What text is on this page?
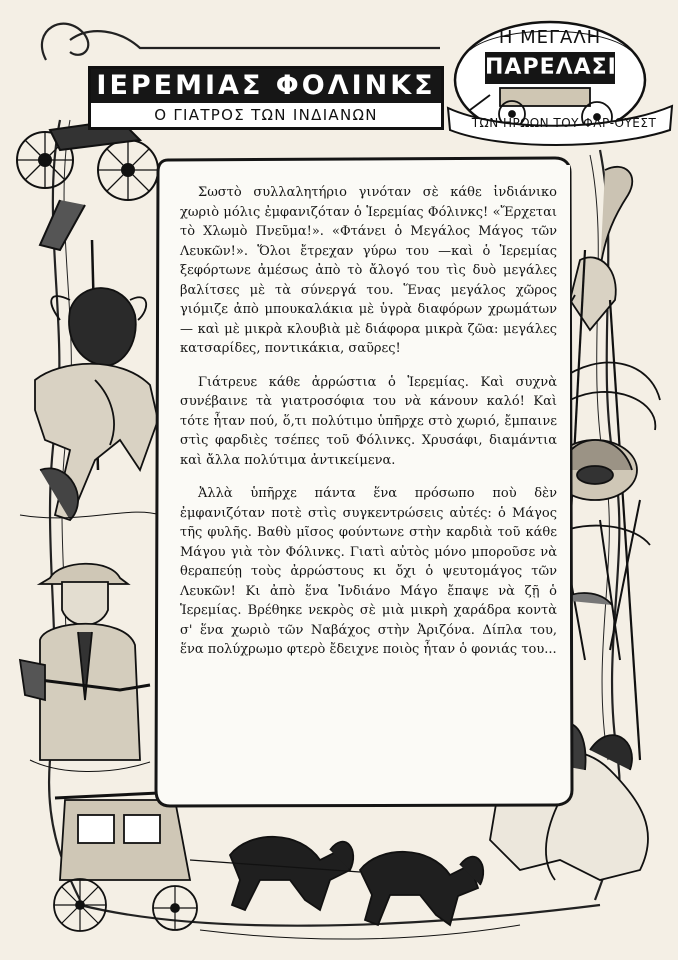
ΙΕΡΕΜΙΑΣ ΦΟΛΙΝΚΣ
Ο ΓΙΑΤΡΟΣ ΤΩΝ ΙΝΔΙΑΝΩΝ
Η ΜΕΓΑΛΗ
ΠΑΡΕΛΑΣΙ
ΤΩΝ ΗΡΩΩΝ ΤΟΥ ΦΑΡ-ΟΥΕΣΤ

Σωστὸ συλλαλητήριο γινόταν σὲ κάθε ἰνδιάνικο χωριὸ μόλις ἐμφανιζόταν ὁ Ἱερεμίας Φόλινκς! «Ἔρχεται τὸ Χλωμὸ Πνεῦμα!». «Φτάνει ὁ Μεγάλος Μάγος τῶν Λευκῶν!». Ὅλοι ἔτρεχαν γύρω του —καὶ ὁ Ἱερεμίας ξεφόρτωνε ἀμέσως ἀπὸ τὸ ἄλογό του τὶς δυὸ μεγάλες βαλίτσες μὲ τὰ σύνεργά του. Ἕνας μεγάλος χῶρος γιόμιζε ἀπὸ μπουκαλάκια μὲ ὑγρὰ διαφόρων χρωμάτων — καὶ μὲ μικρὰ κλουβιὰ μὲ διάφορα μικρὰ ζῶα: μεγάλες κατσαρίδες, ποντικάκια, σαῦρες!

Γιάτρευε κάθε ἀρρώστια ὁ Ἱερεμίας. Καὶ συχνὰ συνέβαινε τὰ γιατροσόφια του νὰ κάνουν καλό! Καὶ τότε ἦταν πού, ὅ,τι πολύτιμο ὑπῆρχε στὸ χωριό, ἔμπαινε στὶς φαρδιὲς τσέπες τοῦ Φόλινκς. Χρυσάφι, διαμάντια καὶ ἄλλα πολύτιμα ἀντικείμενα.

Ἀλλὰ ὑπῆρχε πάντα ἕνα πρόσωπο ποὺ δὲν ἐμφανιζόταν ποτὲ στὶς συγκεντρώσεις αὐτές: ὁ Μάγος τῆς φυλῆς. Βαθὺ μῖσος φούντωνε στὴν καρδιὰ τοῦ κάθε Μάγου γιὰ τὸν Φόλινκς. Γιατὶ αὐτὸς μόνο μποροῦσε νὰ θεραπεύῃ τοὺς ἀρρώστους κι ὄχι ὁ ψευτομάγος τῶν Λευκῶν! Κι ἀπὸ ἕνα Ἰνδιάνο Μάγο ἔπαψε νὰ ζῇ ὁ Ἱερεμίας. Βρέθηκε νεκρὸς σὲ μιὰ μικρὴ χαράδρα κοντὰ σ' ἕνα χωριὸ τῶν Ναβάχος στὴν Ἀριζόνα. Δίπλα του, ἕνα πολύχρωμο φτερὸ ἔδειχνε ποιὸς ἦταν ὁ φονιάς του...
